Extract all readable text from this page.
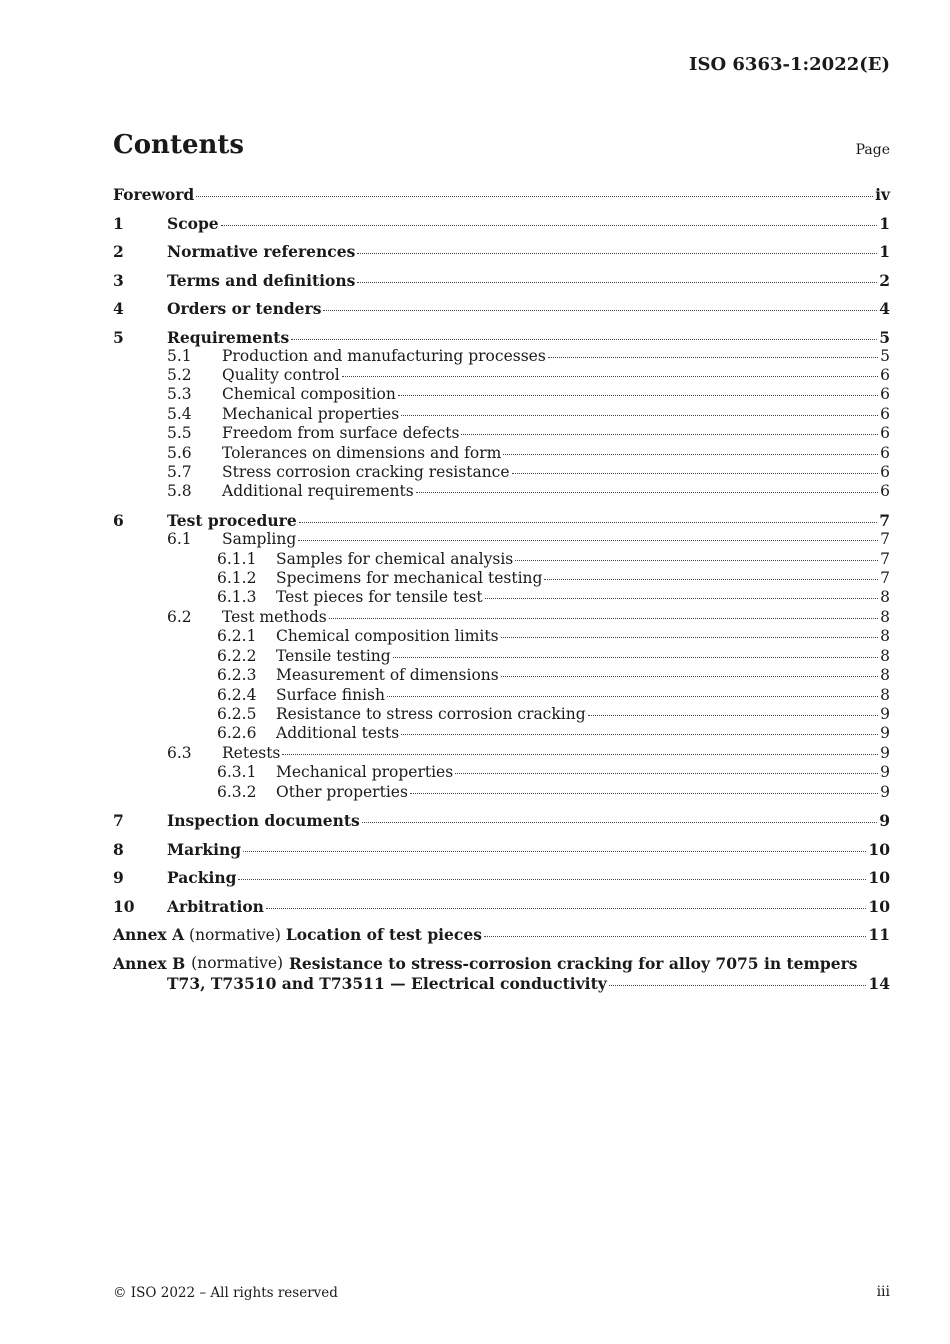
ISO 6363-1:2022(E)
Contents	Page
Foreword	iv
1	Scope	1
2	Normative references	1
3	Terms and definitions	2
4	Orders or tenders	4
5	Requirements	5
5.1	Production and manufacturing processes	5
5.2	Quality control	6
5.3	Chemical composition	6
5.4	Mechanical properties	6
5.5	Freedom from surface defects	6
5.6	Tolerances on dimensions and form	6
5.7	Stress corrosion cracking resistance	6
5.8	Additional requirements	6
6	Test procedure	7
6.1	Sampling	7
6.1.1	Samples for chemical analysis	7
6.1.2	Specimens for mechanical testing	7
6.1.3	Test pieces for tensile test	8
6.2	Test methods	8
6.2.1	Chemical composition limits	8
6.2.2	Tensile testing	8
6.2.3	Measurement of dimensions	8
6.2.4	Surface finish	8
6.2.5	Resistance to stress corrosion cracking	9
6.2.6	Additional tests	9
6.3	Retests	9
6.3.1	Mechanical properties	9
6.3.2	Other properties	9
7	Inspection documents	9
8	Marking	10
9	Packing	10
10	Arbitration	10
Annex A (normative) Location of test pieces	11
Annex B (normative) Resistance to stress-corrosion cracking for alloy 7075 in tempers
T73, T73510 and T73511 — Electrical conductivity	14
© ISO 2022 – All rights reserved	iii
